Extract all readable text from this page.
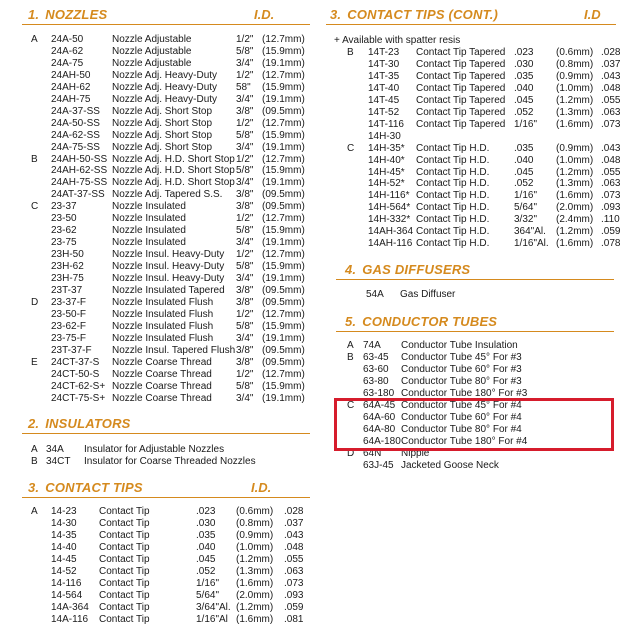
1. NOZZLES	I.D.
A 24A-50	Nozzle Adjustable	1/2" (12.7mm)
24A-62	Nozzle Adjustable	5/8" (15.9mm)
24A-75	Nozzle Adjustable	3/4" (19.1mm)
24AH-50 Nozzle Adj. Heavy-Duty 1/2" (12.7mm)
24AH-62 Nozzle Adj. Heavy-Duty 58" (15.9mm)
24AH-75 Nozzle Adj. Heavy-Duty 3/4" (19.1mm)
24A-37-SS Nozzle Adj. Short Stop 3/8" (09.5mm)
24A-50-SS Nozzle Adj. Short Stop 1/2" (12.7mm)
24A-62-SS Nozzle Adj. Short Stop 5/8" (15.9mm)
24A-75-SS Nozzle Adj. Short Stop 3/4" (19.1mm)
B 24AH-50-SS Nozzle Adj. H.D. Short Stop 1/2" (12.7mm)
24AH-62-SS Nozzle Adj. H.D. Short Stop 5/8" (15.9mm)
24AH-75-SS Nozzle Adj. H.D. Short Stop 3/4" (19.1mm)
24AT-37-SS Nozzle Adj. Tapered S.S. 3/8" (09.5mm)
C 23-37	Nozzle Insulated	3/8" (09.5mm)
23-50	Nozzle Insulated	1/2" (12.7mm)
23-62	Nozzle Insulated	5/8" (15.9mm)
23-75	Nozzle Insulated	3/4" (19.1mm)
23H-50	Nozzle Insul. Heavy-Duty 1/2" (12.7mm)
23H-62	Nozzle Insul. Heavy-Duty 5/8" (15.9mm)
23H-75	Nozzle Insul. Heavy-Duty 3/4" (19.1mm)
23T-37	Nozzle Insulated Tapered 3/8" (09.5mm)
D 23-37-F	Nozzle Insulated Flush 3/8" (09.5mm)
23-50-F	Nozzle Insulated Flush 1/2" (12.7mm)
23-62-F	Nozzle Insulated Flush 5/8" (15.9mm)
23-75-F	Nozzle Insulated Flush 3/4" (19.1mm)
23T-37-F Nozzle Insul. Tapered Flush 3/8" (09.5mm)
E 24CT-37-S Nozzle Coarse Thread 3/8" (09.5mm)
24CT-50-S Nozzle Coarse Thread 1/2" (12.7mm)
24CT-62-S+ Nozzle Coarse Thread 5/8" (15.9mm)
24CT-75-S+ Nozzle Coarse Thread 3/4" (19.1mm)
2. INSULATORS
A 34A Insulator for Adjustable Nozzles
B 34CT Insulator for Coarse Threaded Nozzles
3. CONTACT TIPS	I.D.
A 14-23 Contact Tip	.023 (0.6mm) .028
14-30 Contact Tip	.030 (0.8mm) .037
14-35 Contact Tip	.035 (0.9mm) .043
14-40 Contact Tip	.040 (1.0mm) .048
14-45 Contact Tip	.045 (1.2mm) .055
14-52 Contact Tip	.052 (1.3mm) .063
14-116 Contact Tip	1/16" (1.6mm) .073
14-564 Contact Tip	5/64" (2.0mm) .093
14A-364 Contact Tip	3/64"Al. (1.2mm) .059
14A-116 Contact Tip	1/16"Al (1.6mm) .081
3. CONTACT TIPS (CONT.)	I.D
+ Available with spatter resis
B 14T-23 Contact Tip Tapered .023 (0.6mm) .028
14T-30 Contact Tip Tapered .030 (0.8mm) .037
14T-35 Contact Tip Tapered .035 (0.9mm) .043
14T-40 Contact Tip Tapered .040 (1.0mm) .048
14T-45 Contact Tip Tapered .045 (1.2mm) .055
14T-52 Contact Tip Tapered .052 (1.3mm) .063
14T-116 Contact Tip Tapered 1/16" (1.6mm) .073
14H-30
C 14H-35* Contact Tip H.D. .035 (0.9mm) .043
14H-40* Contact Tip H.D. .040 (1.0mm) .048
14H-45* Contact Tip H.D. .045 (1.2mm) .055
14H-52* Contact Tip H.D. .052 (1.3mm) .063
14H-116* Contact Tip H.D. 1/16" (1.6mm) .073
14H-564* Contact Tip H.D. 5/64" (2.0mm) .093
14H-332* Contact Tip H.D. 3/32" (2.4mm) .110
14AH-364 Contact Tip H.D. 364"Al. (1.2mm) .059
14AH-116 Contact Tip H.D. 1/16"Al. (1.6mm) .078
4. GAS DIFFUSERS
54A Gas Diffuser
5. CONDUCTOR TUBES
A 74A Conductor Tube Insulation
B 63-45 Conductor Tube 45° For #3
63-60 Conductor Tube 60° For #3
63-80 Conductor Tube 80° For #3
63-180 Conductor Tube 180° For #3
C 64A-45 Conductor Tube 45° For #4
64A-60 Conductor Tube 60° For #4
64A-80 Conductor Tube 80° For #4
64A-180 Conductor Tube 180° For #4
D 64N Nipple
63J-45 Jacketed Goose Neck
